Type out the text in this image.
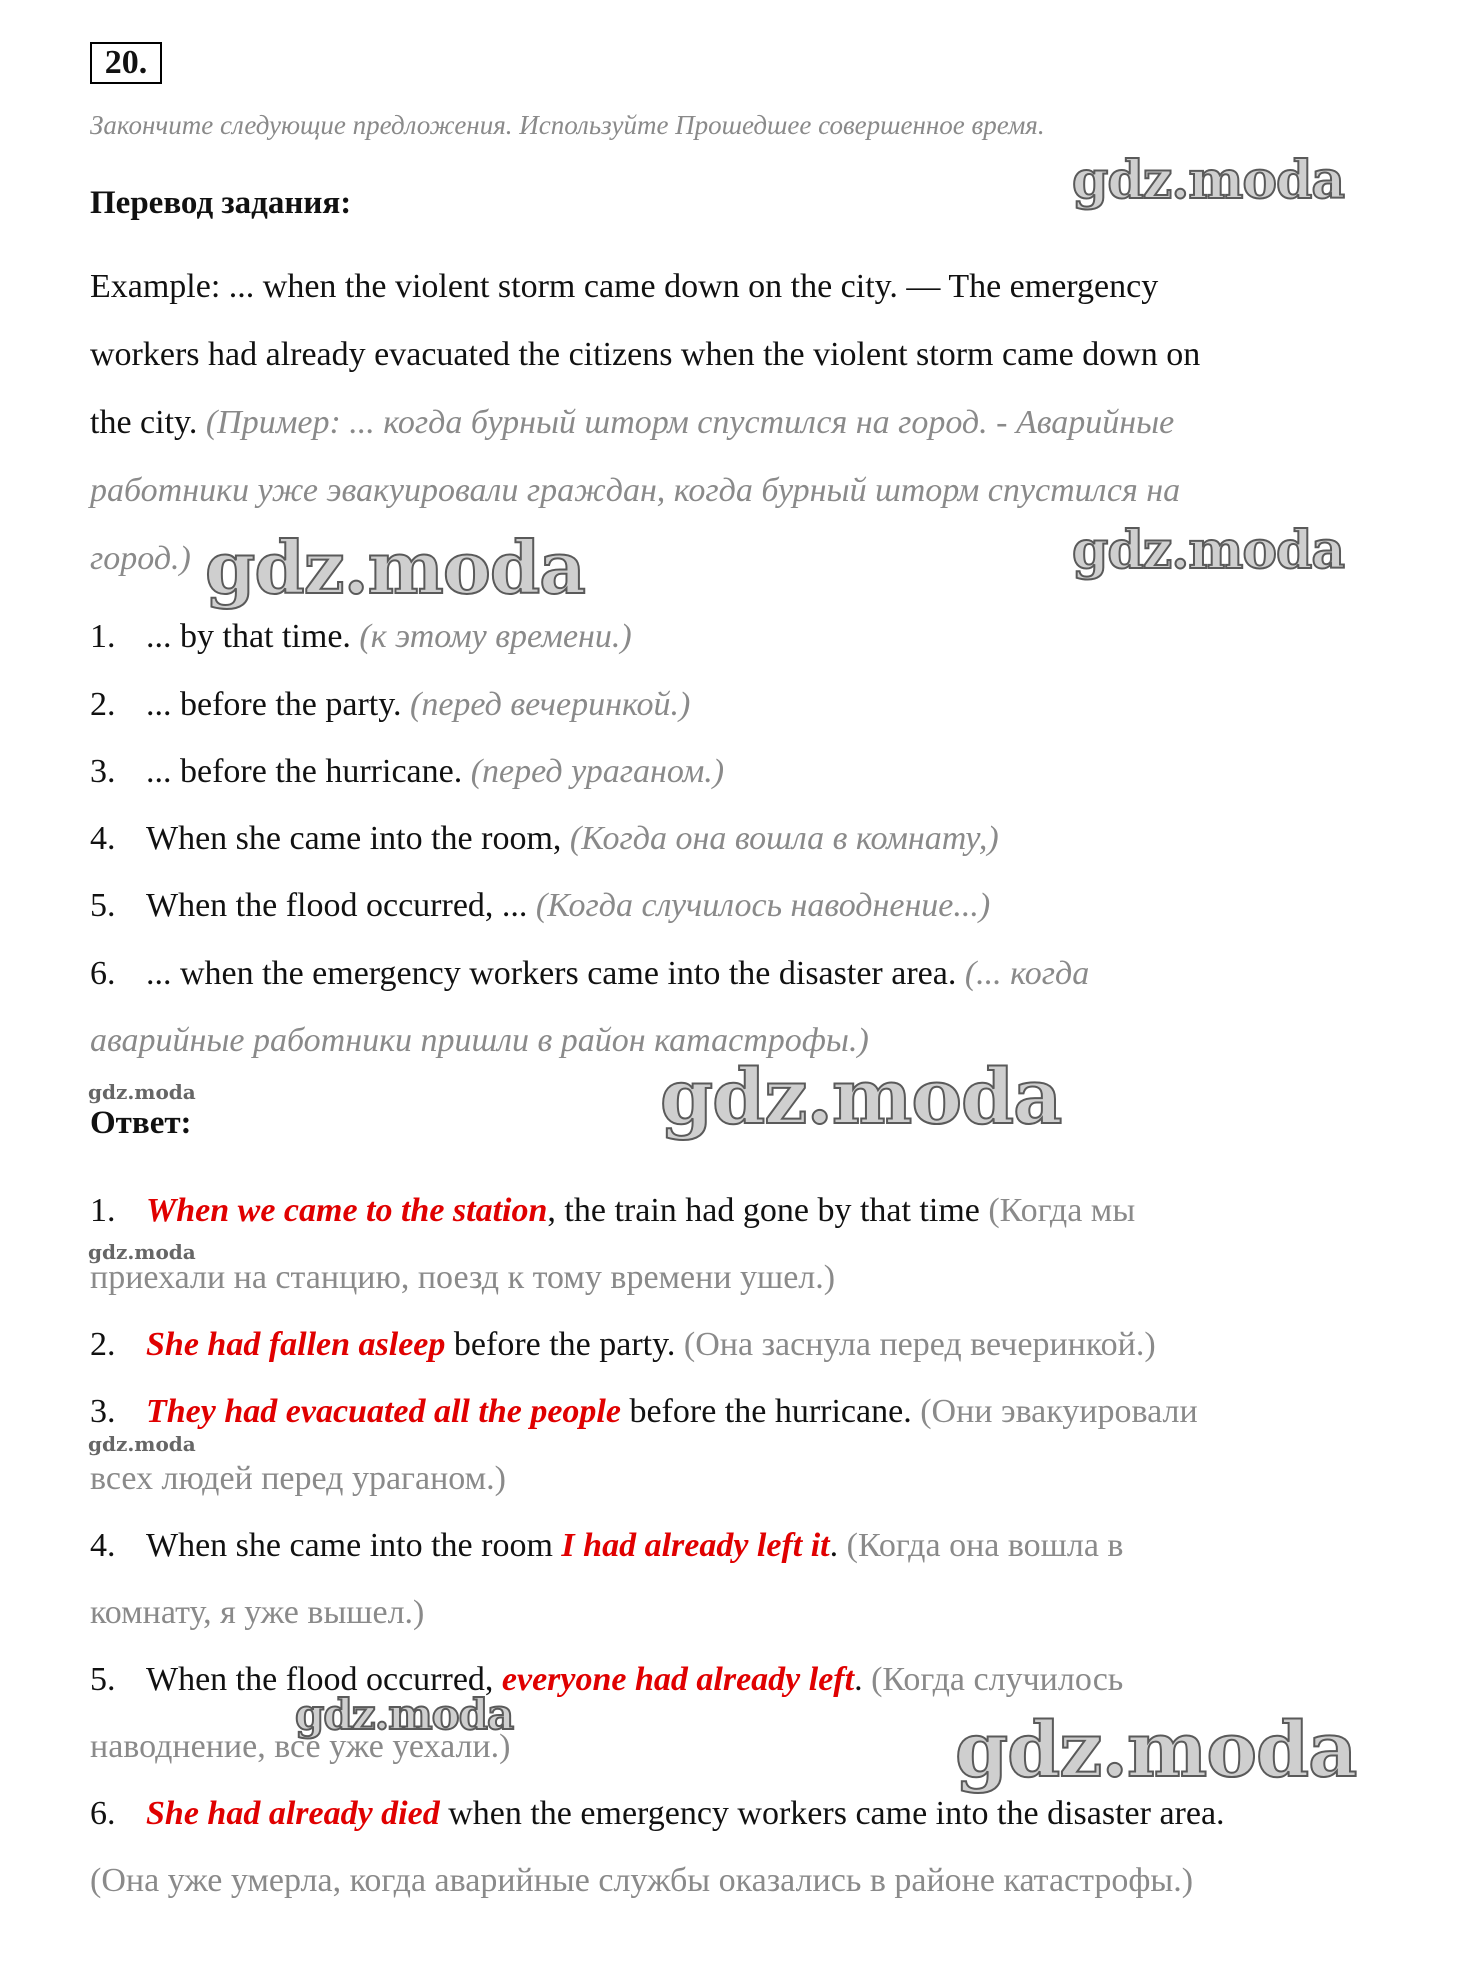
20.
Закончите следующие предложения. Используйте Прошедшее совершенное время.
Перевод задания:
Example: ... when the violent storm came down on the city. — The emergency
workers had already evacuated the citizens when the violent storm came down on
the city. (Пример: ... когда бурный шторм спустился на город. - Аварийные
работники уже эвакуировали граждан, когда бурный шторм спустился на
город.)
1. ... by that time. (к этому времени.)
2. ... before the party. (перед вечеринкой.)
3. ... before the hurricane. (перед ураганом.)
4. When she came into the room, (Когда она вошла в комнату,)
5. When the flood occurred, ... (Когда случилось наводнение...)
6. ... when the emergency workers came into the disaster area. (... когда
аварийные работники пришли в район катастрофы.)
Ответ:
1. When we came to the station, the train had gone by that time (Когда мы
приехали на станцию, поезд к тому времени ушел.)
2. She had fallen asleep before the party. (Она заснула перед вечеринкой.)
3. They had evacuated all the people before the hurricane. (Они эвакуировали
всех людей перед ураганом.)
4. When she came into the room I had already left it. (Когда она вошла в
комнату, я уже вышел.)
5. When the flood occurred, everyone had already left. (Когда случилось
наводнение, все уже уехали.)
6. She had already died when the emergency workers came into the disaster area.
(Она уже умерла, когда аварийные службы оказались в районе катастрофы.)
gdz.moda
gdz.moda	gdz.moda
gdz.moda
gdz.moda
gdz.moda
gdz.moda
gdz.moda	gdz.moda
